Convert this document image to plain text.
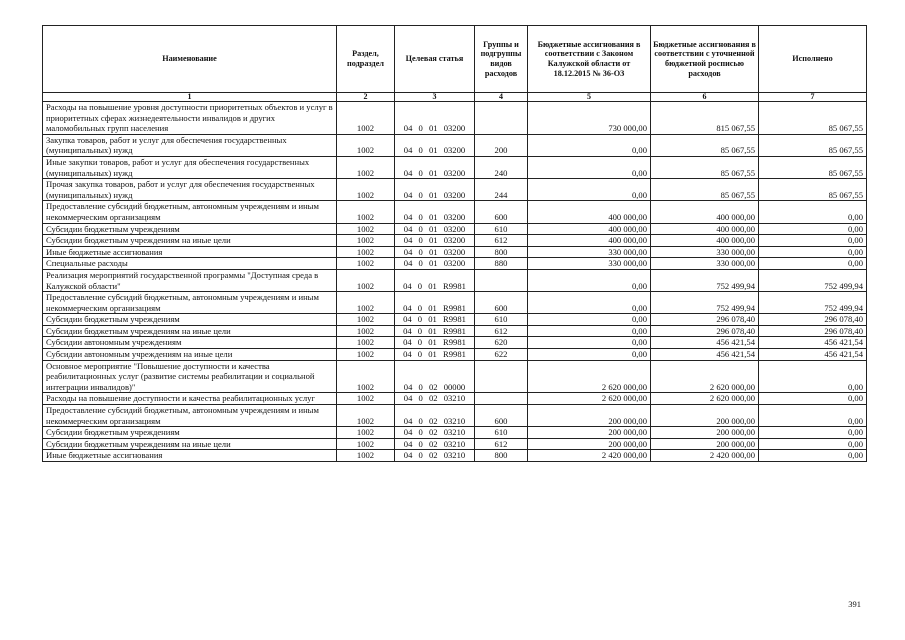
Наименование	Раздел, подраздел	Целевая статья	Группы и подгруппы видов расходов	Бюджетные ассигнования в соответствии с Законом Калужской области от 18.12.2015 № 36-ОЗ	Бюджетные ассигнования в соответствии с уточненной бюджетной росписью расходов	Исполнено
1	2	3	4	5	6	7
Расходы на повышение уровня доступности приоритетных объектов и услуг в приоритетных сферах жизнедеятельности инвалидов и других маломобильных групп населения	1002	04 0 01 03200		730 000,00	815 067,55	85 067,55
Закупка товаров, работ и услуг для обеспечения государственных (муниципальных) нужд	1002	04 0 01 03200	200	0,00	85 067,55	85 067,55
Иные закупки товаров, работ и услуг для обеспечения государственных (муниципальных) нужд	1002	04 0 01 03200	240	0,00	85 067,55	85 067,55
Прочая закупка товаров, работ и услуг для обеспечения государственных (муниципальных) нужд	1002	04 0 01 03200	244	0,00	85 067,55	85 067,55
Предоставление субсидий бюджетным, автономным учреждениям и иным некоммерческим организациям	1002	04 0 01 03200	600	400 000,00	400 000,00	0,00
Субсидии бюджетным учреждениям	1002	04 0 01 03200	610	400 000,00	400 000,00	0,00
Субсидии бюджетным учреждениям на иные цели	1002	04 0 01 03200	612	400 000,00	400 000,00	0,00
Иные бюджетные ассигнования	1002	04 0 01 03200	800	330 000,00	330 000,00	0,00
Специальные расходы	1002	04 0 01 03200	880	330 000,00	330 000,00	0,00
Реализация мероприятий государственной программы "Доступная среда в Калужской области"	1002	04 0 01 R9981		0,00	752 499,94	752 499,94
Предоставление субсидий бюджетным, автономным учреждениям и иным некоммерческим организациям	1002	04 0 01 R9981	600	0,00	752 499,94	752 499,94
Субсидии бюджетным учреждениям	1002	04 0 01 R9981	610	0,00	296 078,40	296 078,40
Субсидии бюджетным учреждениям на иные цели	1002	04 0 01 R9981	612	0,00	296 078,40	296 078,40
Субсидии автономным учреждениям	1002	04 0 01 R9981	620	0,00	456 421,54	456 421,54
Субсидии автономным учреждениям на иные цели	1002	04 0 01 R9981	622	0,00	456 421,54	456 421,54
Основное мероприятие "Повышение доступности и качества реабилитационных услуг (развитие системы реабилитации и социальной интеграции инвалидов)"	1002	04 0 02 00000		2 620 000,00	2 620 000,00	0,00
Расходы на повышение доступности и качества реабилитационных услуг	1002	04 0 02 03210		2 620 000,00	2 620 000,00	0,00
Предоставление субсидий бюджетным, автономным учреждениям и иным некоммерческим организациям	1002	04 0 02 03210	600	200 000,00	200 000,00	0,00
Субсидии бюджетным учреждениям	1002	04 0 02 03210	610	200 000,00	200 000,00	0,00
Субсидии бюджетным учреждениям на иные цели	1002	04 0 02 03210	612	200 000,00	200 000,00	0,00
Иные бюджетные ассигнования	1002	04 0 02 03210	800	2 420 000,00	2 420 000,00	0,00
391
